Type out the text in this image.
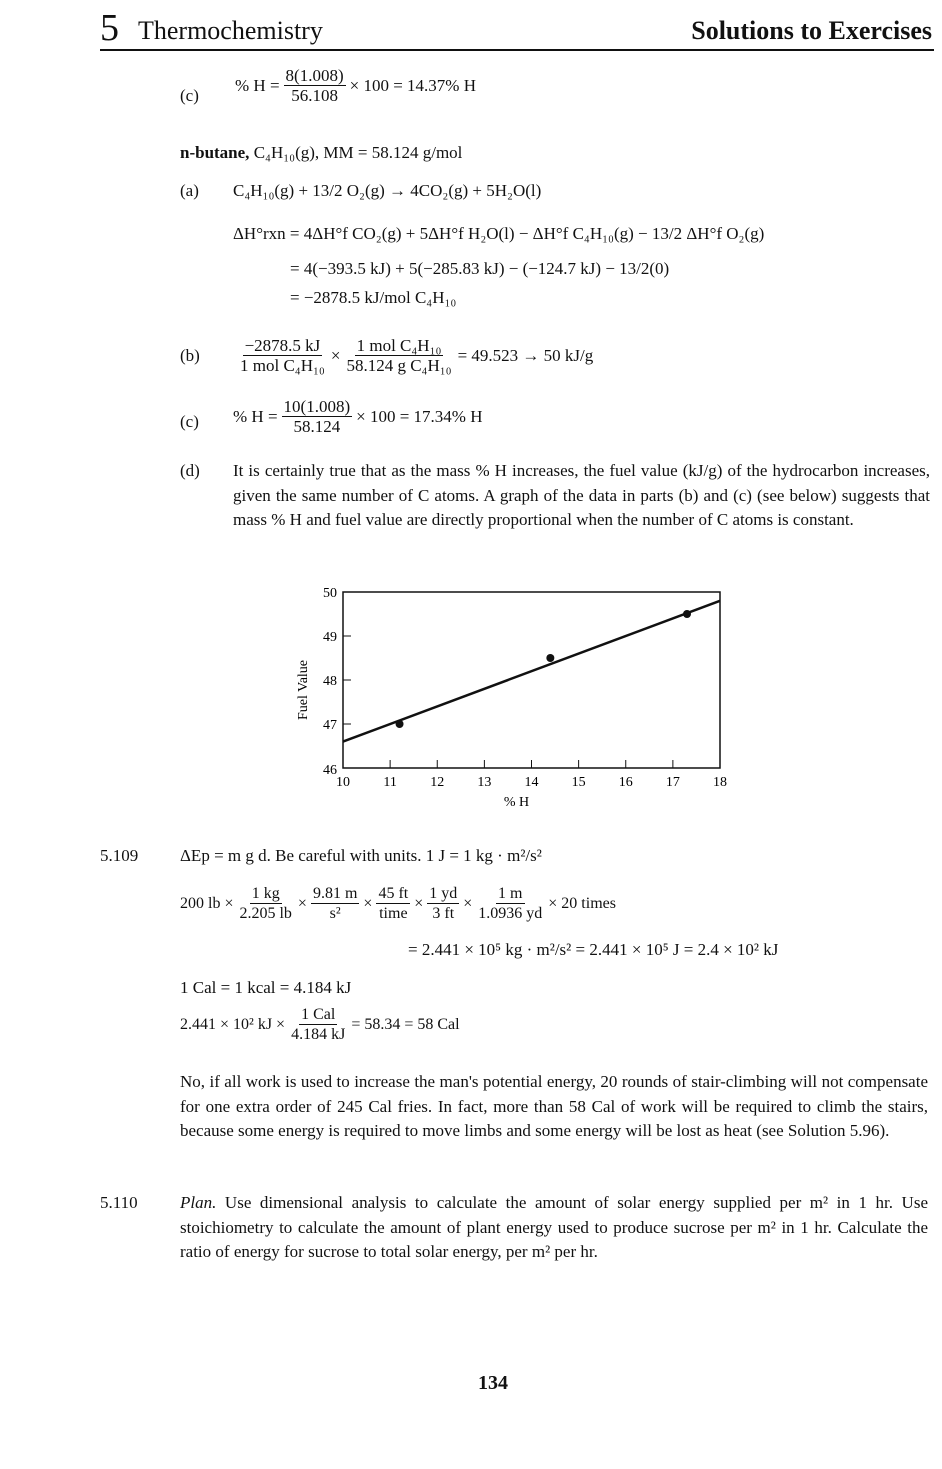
5 Thermochemistry	Solutions to Exercises
(c)
% $H = \frac{8(1.008)}{56.108} \times 100 = 14.37\%$ H
n-butane, C₄H₁₀(g), MM = 58.124 g/mol
(a) C₄H₁₀(g) + 13/2 O₂(g) → 4CO₂(g) + 5H₂O(l)
ΔH°rxn = 4ΔH°f CO₂(g) + 5ΔH°f H₂O(l) − ΔH°f C₄H₁₀(g) − 13/2 ΔH°f O₂(g)
= 4(−393.5 kJ) + 5(−285.83 kJ) − (−124.7 kJ) − 13/2(0)
= −2878.5 kJ/mol C₄H₁₀
$(b) \frac{-2878.5 kJ}{\text{1 mol C₄H₁₀}} \times \frac{\text{1 mol C₄H₁₀}}{\text{58.124 g C₄H₁₀}} = 49.523 \to 50$ kJ/g
(c) % $H = \frac{10(1.008)}{58.124} \times 100 = 17.34\%$ H
(d) It is certainly true that as the mass % H increases, the fuel value (kJ/g) of the hydrocarbon increases, given the same number of C atoms. A graph of the data in parts (b) and (c) (see below) suggests that mass % H and fuel value are directly proportional when the number of C atoms is constant.
10 11 12 13 14 15 16 17 18
46
47
48
49
50
% H
Fuel Value
5.109 ΔEp = m g d. Be careful with units. 1 J = 1 kg · m²/s²
200 lb × $\frac{1 kg}{2.205 lb} \times \frac{9.81 m}{\text{s²}} \times \frac{45 ft}{\text{time}} \times \frac{1 yd}{3 ft} \times \frac{1 m}{1.0936 yd} \times 20$ times
= 2.441 × 10⁵ kg · m²/s² = 2.441 × 10⁵ J = 2.4 × 10² kJ
1 Cal = 1 kcal = 4.184 kJ
2.441 × 10² kJ × $\frac{\text{1 Cal}}{4.184 kJ} = 58.34 = 58$ Cal
No, if all work is used to increase the man's potential energy, 20 rounds of stair-climbing will not compensate for one extra order of 245 Cal fries. In fact, more than 58 Cal of work will be required to climb the stairs, because some energy is required to move limbs and some energy will be lost as heat (see Solution 5.96).
5.110 Plan. Use dimensional analysis to calculate the amount of solar energy supplied per m² in 1 hr. Use stoichiometry to calculate the amount of plant energy used to produce sucrose per m² in 1 hr. Calculate the ratio of energy for sucrose to total solar energy, per m² per hr.
134
